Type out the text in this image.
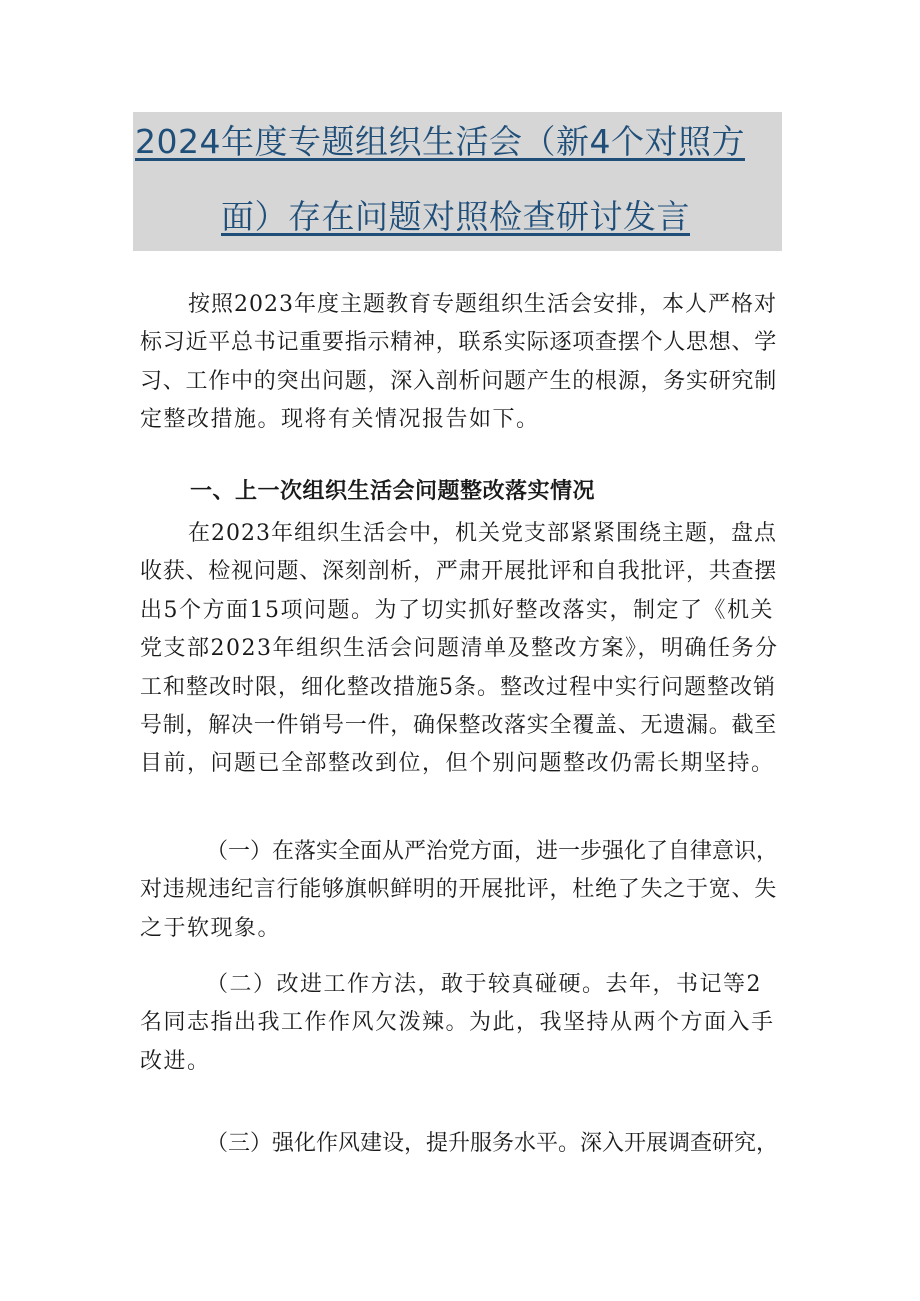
2024年度专题组织生活会（新4个对照方
面）存在问题对照检查研讨发言

按照2023年度主题教育专题组织生活会安排，本人严格对
标习近平总书记重要指示精神，联系实际逐项查摆个人思想、学
习、工作中的突出问题，深入剖析问题产生的根源，务实研究制
定整改措施。现将有关情况报告如下。

一、上一次组织生活会问题整改落实情况

在2023年组织生活会中，机关党支部紧紧围绕主题，盘点
收获、检视问题、深刻剖析，严肃开展批评和自我批评，共查摆
出5个方面15项问题。为了切实抓好整改落实，制定了《机关
党支部2023年组织生活会问题清单及整改方案》，明确任务分
工和整改时限，细化整改措施5条。整改过程中实行问题整改销
号制，解决一件销号一件，确保整改落实全覆盖、无遗漏。截至
目前，问题已全部整改到位，但个别问题整改仍需长期坚持。

（一）在落实全面从严治党方面，进一步强化了自律意识，
对违规违纪言行能够旗帜鲜明的开展批评，杜绝了失之于宽、失
之于软现象。

（二）改进工作方法，敢于较真碰硬。去年，书记等2
名同志指出我工作作风欠泼辣。为此，我坚持从两个方面入手
改进。

（三）强化作风建设，提升服务水平。深入开展调查研究，
